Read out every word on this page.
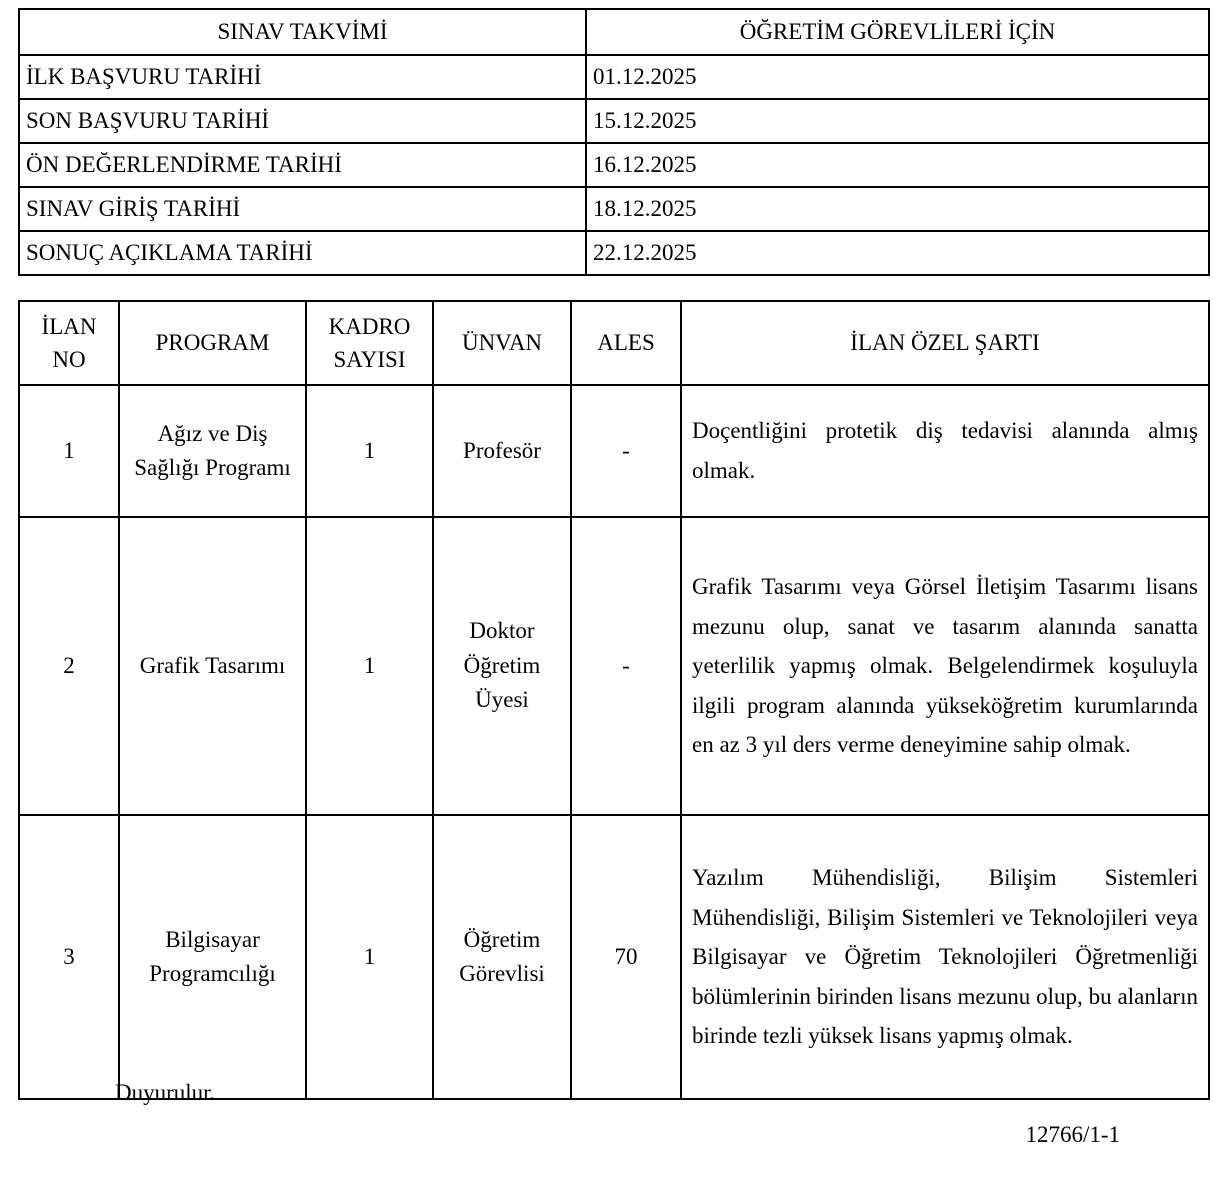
SINAV TAKVİMİ	ÖĞRETİM GÖREVLİLERİ İÇİN
İLK BAŞVURU TARİHİ	01.12.2025
SON BAŞVURU TARİHİ	15.12.2025
ÖN DEĞERLENDİRME TARİHİ	16.12.2025
SINAV GİRİŞ TARİHİ	18.12.2025
SONUÇ AÇIKLAMA TARİHİ	22.12.2025
İLAN NO	PROGRAM	KADRO SAYISI	ÜNVAN	ALES	İLAN ÖZEL ŞARTI
1	Ağız ve Diş Sağlığı Programı	1	Profesör	-	Doçentliğini protetik diş tedavisi alanında almış olmak.
2	Grafik Tasarımı	1	Doktor Öğretim Üyesi	-	Grafik Tasarımı veya Görsel İletişim Tasarımı lisans mezunu olup, sanat ve tasarım alanında sanatta yeterlilik yapmış olmak. Belgelendirmek koşuluyla ilgili program alanında yükseköğretim kurumlarında en az 3 yıl ders verme deneyimine sahip olmak.
3	Bilgisayar Programcılığı	1	Öğretim Görevlisi	70	Yazılım Mühendisliği, Bilişim Sistemleri Mühendisliği, Bilişim Sistemleri ve Teknolojileri veya Bilgisayar ve Öğretim Teknolojileri Öğretmenliği bölümlerinin birinden lisans mezunu olup, bu alanların birinde tezli yüksek lisans yapmış olmak.
Duyurulur.
12766/1-1
